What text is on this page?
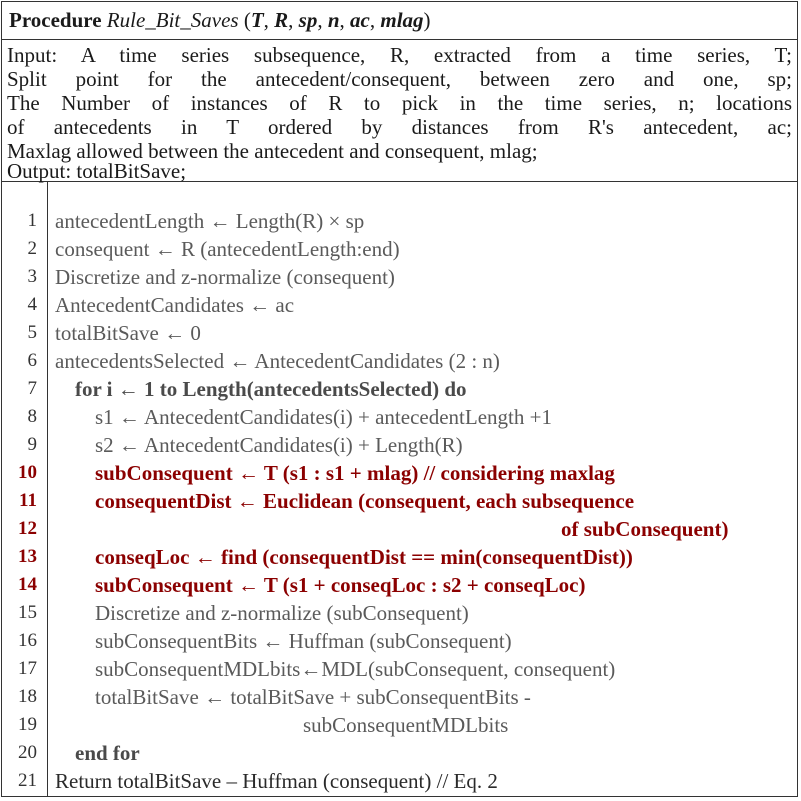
Procedure Rule_Bit_Saves (T, R, sp, n, ac, mlag)
Input: A time series subsequence, R, extracted from a time series, T;
Split point for the antecedent/consequent, between zero and one, sp;
The Number of instances of R to pick in the time series, n; locations
of antecedents in T ordered by distances from R's antecedent, ac;
Maxlag allowed between the antecedent and consequent, mlag;
Output: totalBitSave;
1
2
3
4
5
6
7
8
9
10
11
12
13
14
15
16
17
18
19
20
21
antecedentLength ← Length(R) × sp
consequent ← R (antecedentLength:end)
Discretize and z-normalize (consequent)
AntecedentCandidates ← ac
totalBitSave ← 0
antecedentsSelected ← AntecedentCandidates (2 : n)
for i ← 1 to Length(antecedentsSelected) do
s1 ← AntecedentCandidates(i) + antecedentLength +1
s2 ← AntecedentCandidates(i) + Length(R)
subConsequent ← T (s1 : s1 + mlag) // considering maxlag
consequentDist ← Euclidean (consequent, each subsequence
of subConsequent)
conseqLoc ← find (consequentDist == min(consequentDist))
subConsequent ← T (s1 + conseqLoc : s2 + conseqLoc)
Discretize and z-normalize (subConsequent)
subConsequentBits ← Huffman (subConsequent)
subConsequentMDLbits←MDL(subConsequent, consequent)
totalBitSave ← totalBitSave + subConsequentBits -
subConsequentMDLbits
end for
Return totalBitSave – Huffman (consequent) // Eq. 2
